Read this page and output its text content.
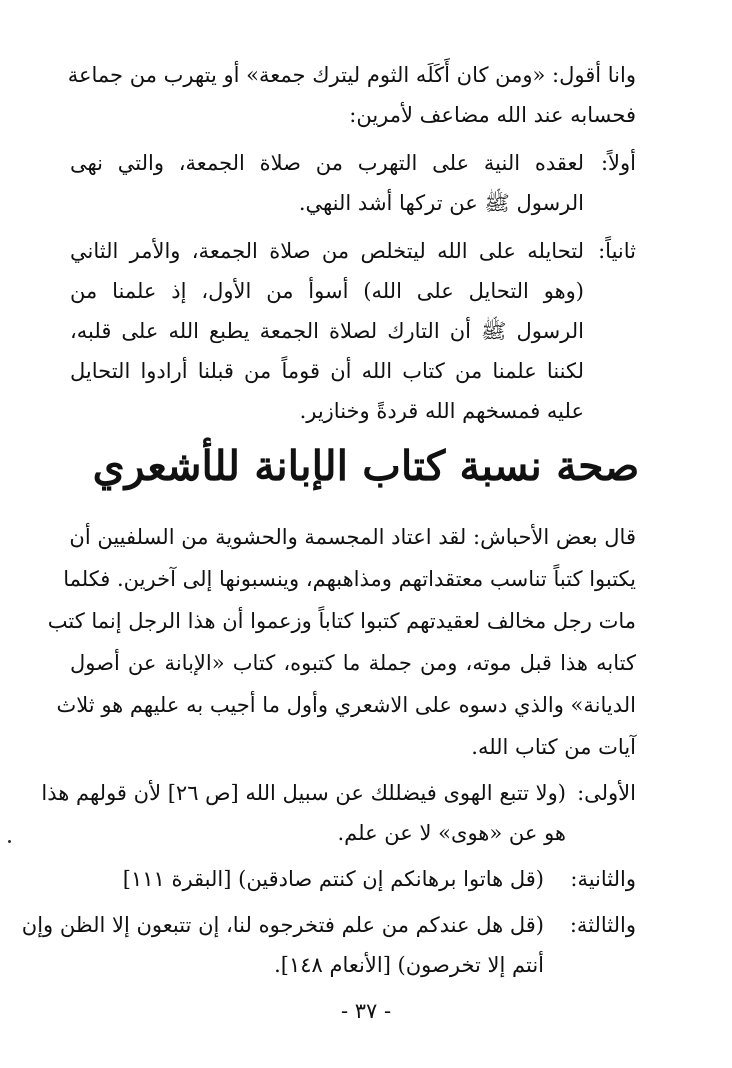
وانا أقول: «ومن كان أَكَلَه الثوم ليترك جمعة» أو يتهرب من جماعة

فحسابه عند الله مضاعف لأمرين:

أولاً:

لعقده النية على التهرب من صلاة الجمعة، والتي نهى

الرسول ﷺ عن تركها أشد النهي.

ثانياً:

لتحايله على الله ليتخلص من صلاة الجمعة، والأمر الثاني

(وهو التحايل على الله) أسوأ من الأول، إذ علمنا من

الرسول ﷺ أن التارك لصلاة الجمعة يطبع الله على قلبه،

لكننا علمنا من كتاب الله أن قوماً من قبلنا أرادوا التحايل

عليه فمسخهم الله قردةً وخنازير.

صحة نسبة كتاب الإبانة للأشعري

قال بعض الأحباش: لقد اعتاد المجسمة والحشوية من السلفيين أن

يكتبوا كتباً تناسب معتقداتهم ومذاهبهم، وينسبونها إلى آخرين. فكلما

مات رجل مخالف لعقيدتهم كتبوا كتاباً وزعموا أن هذا الرجل إنما كتب

كتابه هذا قبل موته، ومن جملة ما كتبوه، كتاب «الإبانة عن أصول

الديانة» والذي دسوه على الاشعري وأول ما أجيب به عليهم هو ثلاث

آيات من كتاب الله.

الأولى:

(ولا تتبع الهوى فيضللك عن سبيل الله [ص ٢٦] لأن قولهم هذا

هو عن «هوى» لا عن علم.

والثانية:

(قل هاتوا برهانكم إن كنتم صادقين) [البقرة ١١١]

والثالثة:

(قل هل عندكم من علم فتخرجوه لنا، إن تتبعون إلا الظن وإن

أنتم إلا تخرصون) [الأنعام ١٤٨].

- ٣٧ -
